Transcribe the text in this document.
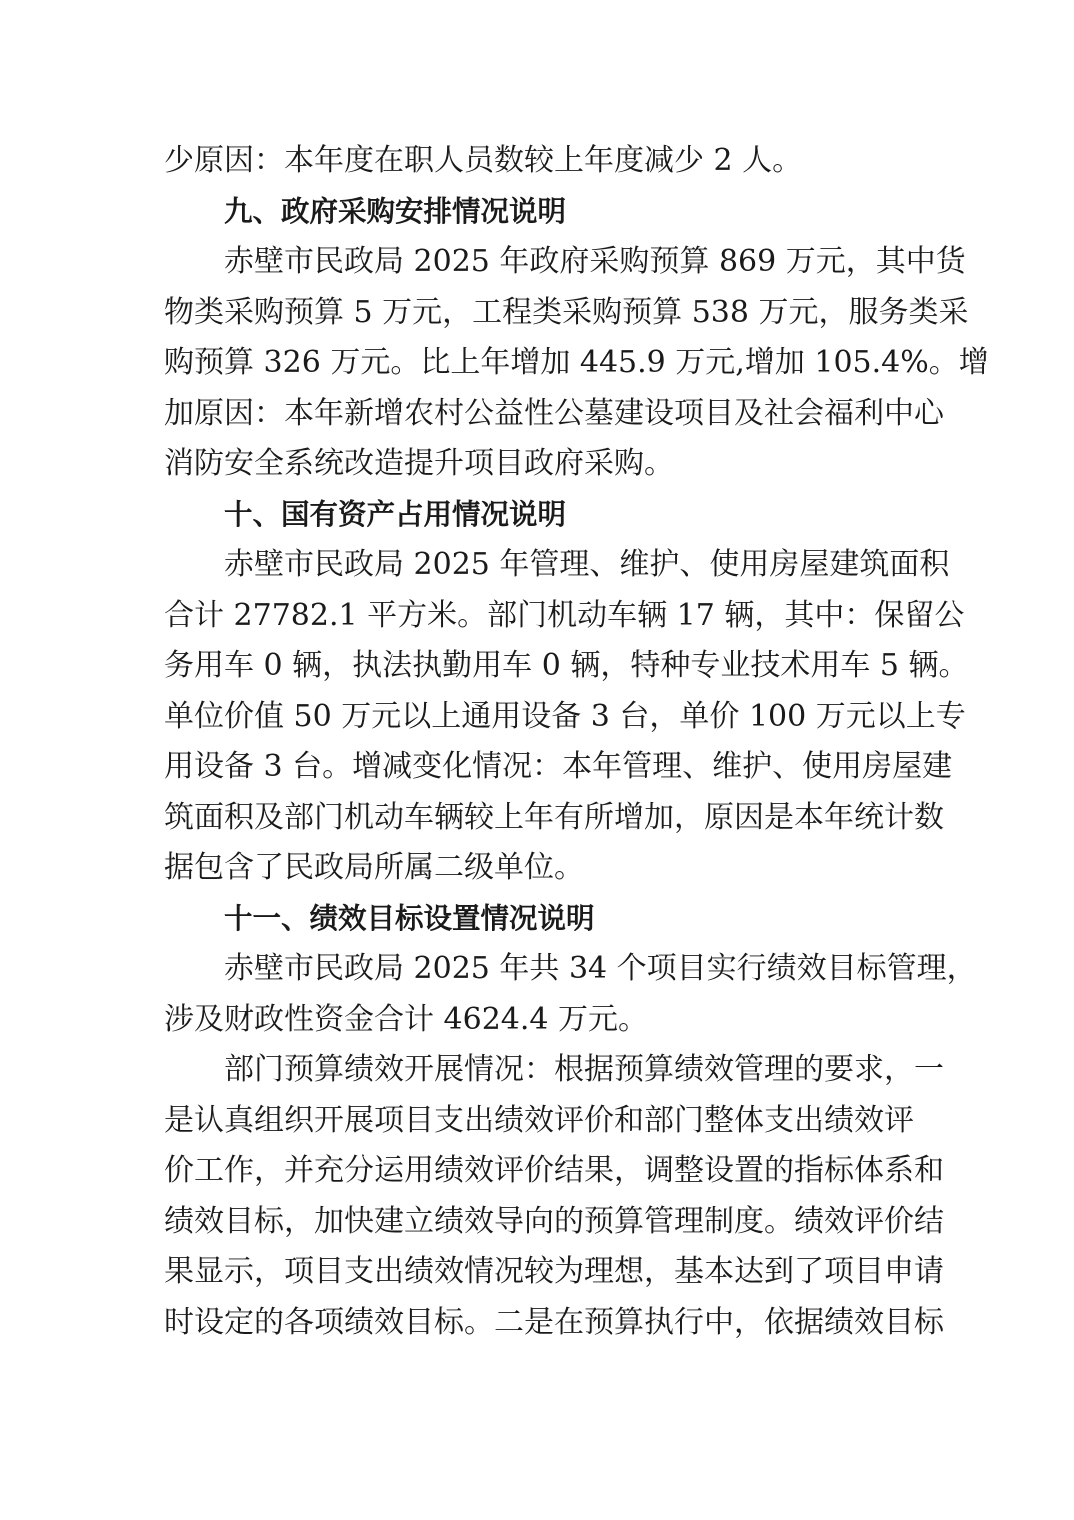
少原因：本年度在职人员数较上年度减少 2 人。
九、政府采购安排情况说明
赤壁市民政局 2025 年政府采购预算 869 万元，其中货
物类采购预算 5 万元，工程类采购预算 538 万元，服务类采
购预算 326 万元。比上年增加 445.9 万元,增加 105.4%。增
加原因：本年新增农村公益性公墓建设项目及社会福利中心
消防安全系统改造提升项目政府采购。
十、国有资产占用情况说明
赤壁市民政局 2025 年管理、维护、使用房屋建筑面积
合计 27782.1 平方米。部门机动车辆 17 辆，其中：保留公
务用车 0 辆，执法执勤用车 0 辆，特种专业技术用车 5 辆。
单位价值 50 万元以上通用设备 3 台，单价 100 万元以上专
用设备 3 台。增减变化情况：本年管理、维护、使用房屋建
筑面积及部门机动车辆较上年有所增加，原因是本年统计数
据包含了民政局所属二级单位。
十一、绩效目标设置情况说明
赤壁市民政局 2025 年共 34 个项目实行绩效目标管理，
涉及财政性资金合计 4624.4 万元。
部门预算绩效开展情况：根据预算绩效管理的要求，一
是认真组织开展项目支出绩效评价和部门整体支出绩效评
价工作，并充分运用绩效评价结果，调整设置的指标体系和
绩效目标，加快建立绩效导向的预算管理制度。绩效评价结
果显示，项目支出绩效情况较为理想，基本达到了项目申请
时设定的各项绩效目标。二是在预算执行中，依据绩效目标
